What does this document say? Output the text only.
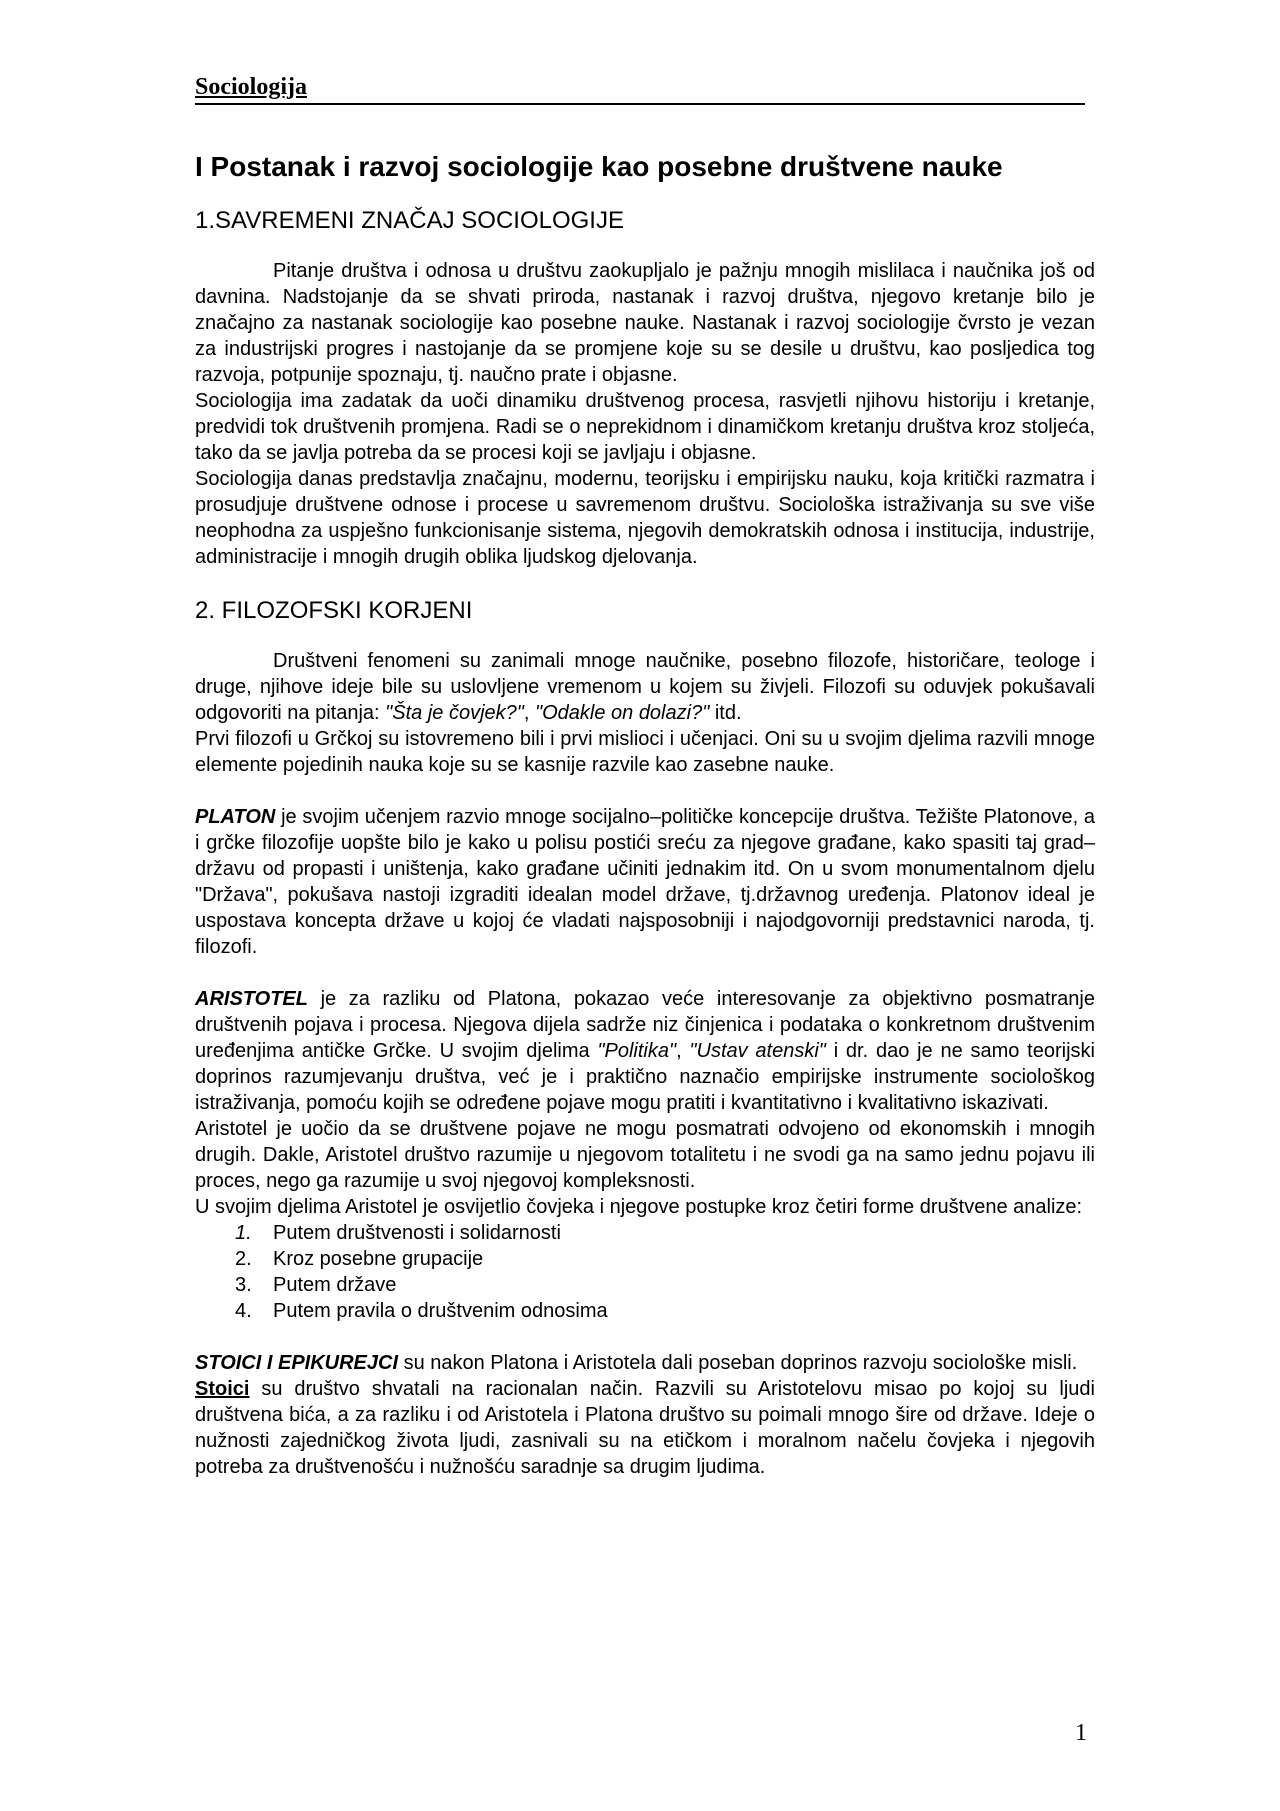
Sociologija
I Postanak i razvoj sociologije kao posebne društvene nauke
1.SAVREMENI ZNAČAJ SOCIOLOGIJE

Pitanje društva i odnosa u društvu zaokupljalo je pažnju mnogih mislilaca i naučnika još od davnina. Nadstojanje da se shvati priroda, nastanak i razvoj društva, njegovo kretanje bilo je značajno za nastanak sociologije kao posebne nauke. Nastanak i razvoj sociologije čvrsto je vezan za industrijski progres i nastojanje da se promjene koje su se desile u društvu, kao posljedica tog razvoja, potpunije spoznaju, tj. naučno prate i objasne.

Sociologija ima zadatak da uoči dinamiku društvenog procesa, rasvjetli njihovu historiju i kretanje, predvidi tok društvenih promjena. Radi se o neprekidnom i dinamičkom kretanju društva kroz stoljeća, tako da se javlja potreba da se procesi koji se javljaju i objasne.

Sociologija danas predstavlja značajnu, modernu, teorijsku i empirijsku nauku, koja kritički razmatra i prosudjuje društvene odnose i procese u savremenom društvu. Sociološka istraživanja su sve više neophodna za uspješno funkcionisanje sistema, njegovih demokratskih odnosa i institucija, industrije, administracije i mnogih drugih oblika ljudskog djelovanja.

2. FILOZOFSKI KORJENI

Društveni fenomeni su zanimali mnoge naučnike, posebno filozofe, historičare, teologe i druge, njihove ideje bile su uslovljene vremenom u kojem su živjeli. Filozofi su oduvjek pokušavali odgovoriti na pitanja: "Šta je čovjek?", "Odakle on dolazi?" itd.

Prvi filozofi u Grčkoj su istovremeno bili i prvi mislioci i učenjaci. Oni su u svojim djelima razvili mnoge elemente pojedinih nauka koje su se kasnije razvile kao zasebne nauke.

PLATON je svojim učenjem razvio mnoge socijalno–političke koncepcije društva. Težište Platonove, a i grčke filozofije uopšte bilo je kako u polisu postići sreću za njegove građane, kako spasiti taj grad–državu od propasti i uništenja, kako građane učiniti jednakim itd. On u svom monumentalnom djelu "Država", pokušava nastoji izgraditi idealan model države, tj.državnog uređenja. Platonov ideal je uspostava koncepta države u kojoj će vladati najsposobniji i najodgovorniji predstavnici naroda, tj. filozofi.

ARISTOTEL je za razliku od Platona, pokazao veće interesovanje za objektivno posmatranje društvenih pojava i procesa. Njegova dijela sadrže niz činjenica i podataka o konkretnom društvenim uređenjima antičke Grčke. U svojim djelima "Politika", "Ustav atenski" i dr. dao je ne samo teorijski doprinos razumjevanju društva, već je i praktično naznačio empirijske instrumente sociološkog istraživanja, pomoću kojih se određene pojave mogu pratiti i kvantitativno i kvalitativno iskazivati.

Aristotel je uočio da se društvene pojave ne mogu posmatrati odvojeno od ekonomskih i mnogih drugih. Dakle, Aristotel društvo razumije u njegovom totalitetu i ne svodi ga na samo jednu pojavu ili proces, nego ga razumije u svoj njegovoj kompleksnosti.

U svojim djelima Aristotel je osvijetlio čovjeka i njegove postupke kroz četiri forme društvene analize:

1.	Putem društvenosti i solidarnosti
2.	Kroz posebne grupacije
3.	Putem države
4.	Putem pravila o društvenim odnosima

STOICI I EPIKUREJCI su nakon Platona i Aristotela dali poseban doprinos razvoju sociološke misli.

Stoici su društvo shvatali na racionalan način. Razvili su Aristotelovu misao po kojoj su ljudi društvena bića, a za razliku i od Aristotela i Platona društvo su poimali mnogo šire od države. Ideje o nužnosti zajedničkog života ljudi, zasnivali su na etičkom i moralnom načelu čovjeka i njegovih potreba za društvenošću i nužnošću saradnje sa drugim ljudima.

1
